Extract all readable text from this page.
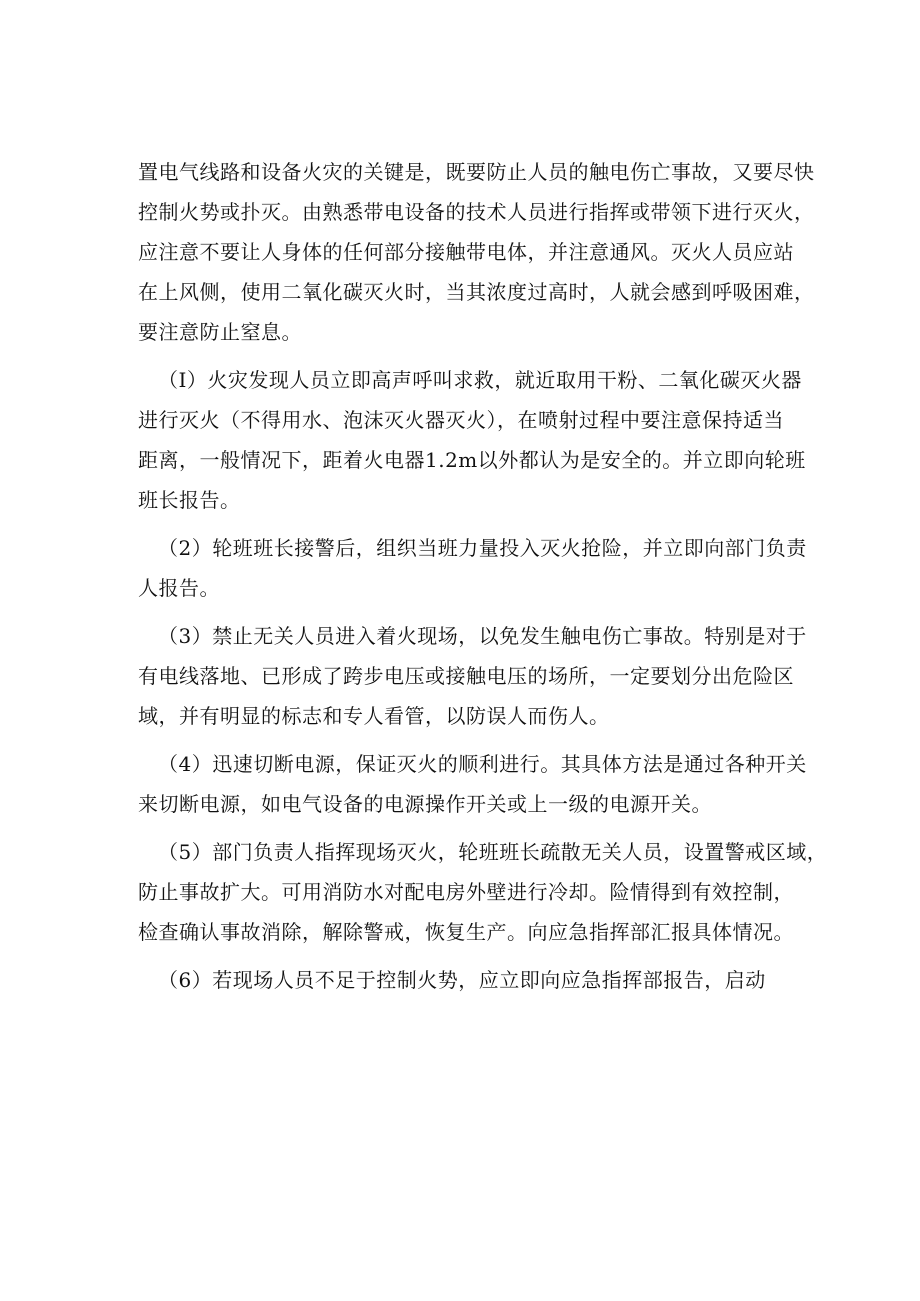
置电气线路和设备火灾的关键是，既要防止人员的触电伤亡事故，又要尽快
控制火势或扑灭。由熟悉带电设备的技术人员进行指挥或带领下进行灭火，
应注意不要让人身体的任何部分接触带电体，并注意通风。灭火人员应站
在上风侧，使用二氧化碳灭火时，当其浓度过高时，人就会感到呼吸困难，
要注意防止窒息。

（I）火灾发现人员立即高声呼叫求救，就近取用干粉、二氧化碳灭火器
进行灭火（不得用水、泡沫灭火器灭火），在喷射过程中要注意保持适当
距离，一般情况下，距着火电器1.2m以外都认为是安全的。并立即向轮班
班长报告。

（2）轮班班长接警后，组织当班力量投入灭火抢险，并立即向部门负责
人报告。

（3）禁止无关人员进入着火现场，以免发生触电伤亡事故。特别是对于
有电线落地、已形成了跨步电压或接触电压的场所，一定要划分出危险区
域，并有明显的标志和专人看管，以防误人而伤人。

（4）迅速切断电源，保证灭火的顺利进行。其具体方法是通过各种开关
来切断电源，如电气设备的电源操作开关或上一级的电源开关。

（5）部门负责人指挥现场灭火，轮班班长疏散无关人员，设置警戒区域，
防止事故扩大。可用消防水对配电房外壁进行冷却。险情得到有效控制，
检查确认事故消除，解除警戒，恢复生产。向应急指挥部汇报具体情况。

（6）若现场人员不足于控制火势，应立即向应急指挥部报告，启动
